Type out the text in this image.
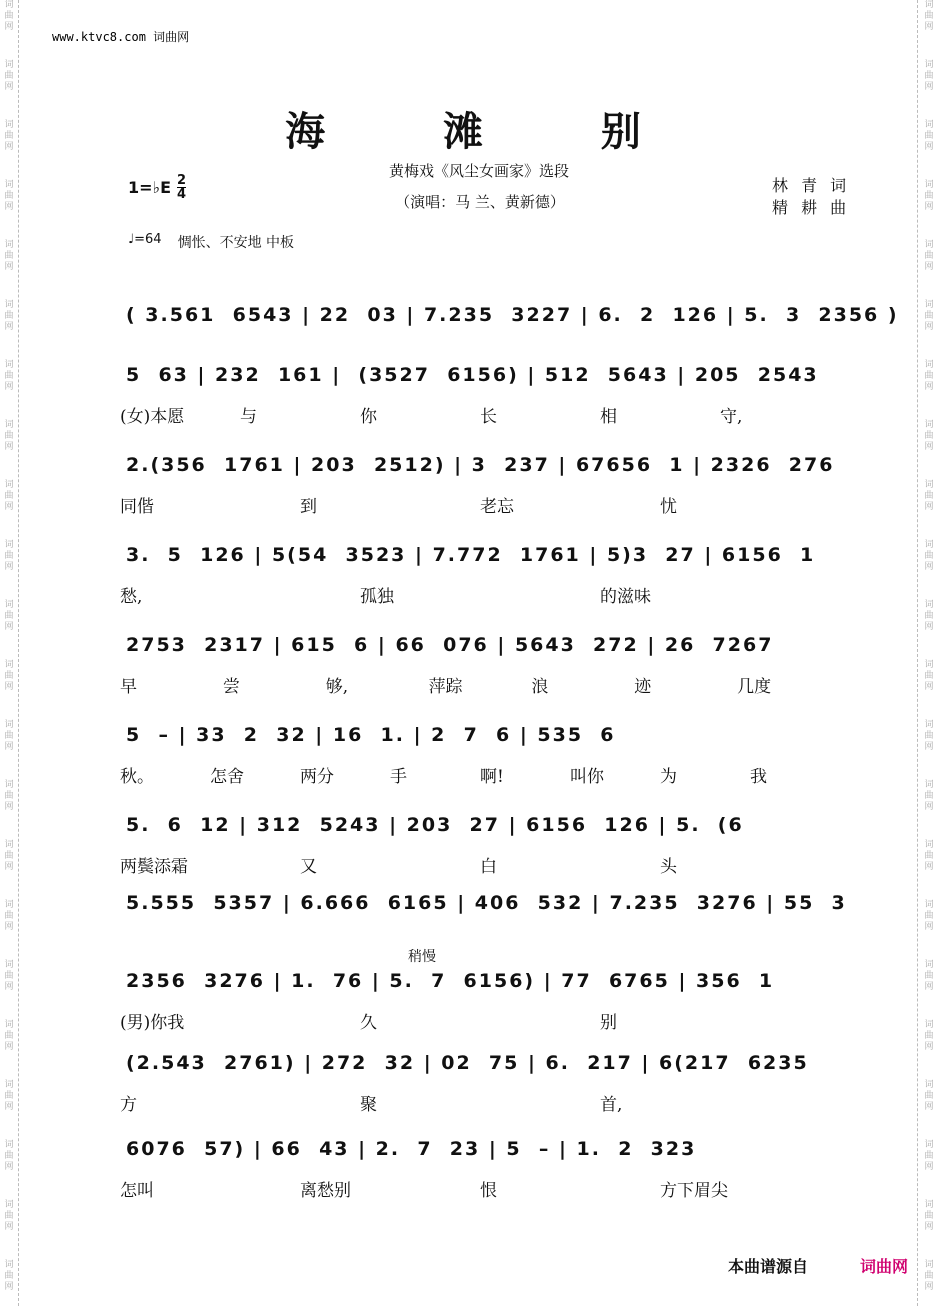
词
曲
网
词
曲
网
词
曲
网
词
曲
网
词
曲
网
词
曲
网
词
曲
网
词
曲
网
词
曲
网
词
曲
网
词
曲
网
词
曲
网
词
曲
网
词
曲
网
词
曲
网
词
曲
网
词
曲
网
词
曲
网
词
曲
网
词
曲
网
词
曲
网
词
曲
网
词
曲
网
词
曲
网
词
曲
网
词
曲
网
词
曲
网
词
曲
网
词
曲
网
词
曲
网
词
曲
网
词
曲
网
词
曲
网
词
曲
网
词
曲
网
词
曲
网
词
曲
网
词
曲
网
词
曲
网
词
曲
网
词
曲
网
词
曲
网
词
曲
网
词
曲
网
www.ktvc8.com 词曲网
海 滩 别
黄梅戏《风尘女画家》选段
（演唱：马 兰、黄新德）
1=♭E $\frac{2}{4}$	林 青 词
精 耕 曲
♩=64 惆怅、不安地 中板
( 3.561  6543 | 22  03 | 7.235  3227 | 6.  2  126 | 5.  3  2356 )
5  63 | 232  161 |  (3527  6156) | 512  5643 | 205  2543
(女)本愿	与	你	长	相	守,
2.(356  1761 | 203  2512) | 3  237 | 67656  1 | 2326  276
同偕	到	老忘	忧
3.  5  126 | 5(54  3523 | 7.772  1761 | 5)3  27 | 6156  1
愁,	孤独	的滋味
2753  2317 | 615  6 | 66  076 | 5643  272 | 26  7267
早	尝	够,	萍踪	浪	迹	几度
5  – | 33  2  32 | 16  1. | 2  7  6 | 535  6
秋。	怎舍	两分	手	啊!	叫你	为	我
5.  6  12 | 312  5243 | 203  27 | 6156  126 | 5.  (6
两鬓添霜	又	白	头
5.555  5357 | 6.666  6165 | 406  532 | 7.235  3276 | 55  3
2356  3276 | 1.  76 | 5.  7  6156) | 77  6765 | 356  1
(男)你我	久	别
(2.543  2761) | 272  32 | 02  75 | 6.  217 | 6(217  6235
方	聚	首,
6076  57) | 66  43 | 2.  7  23 | 5  – | 1.  2  323
怎叫	离愁别	恨	方下眉尖
本曲谱源自	词曲网
稍慢
